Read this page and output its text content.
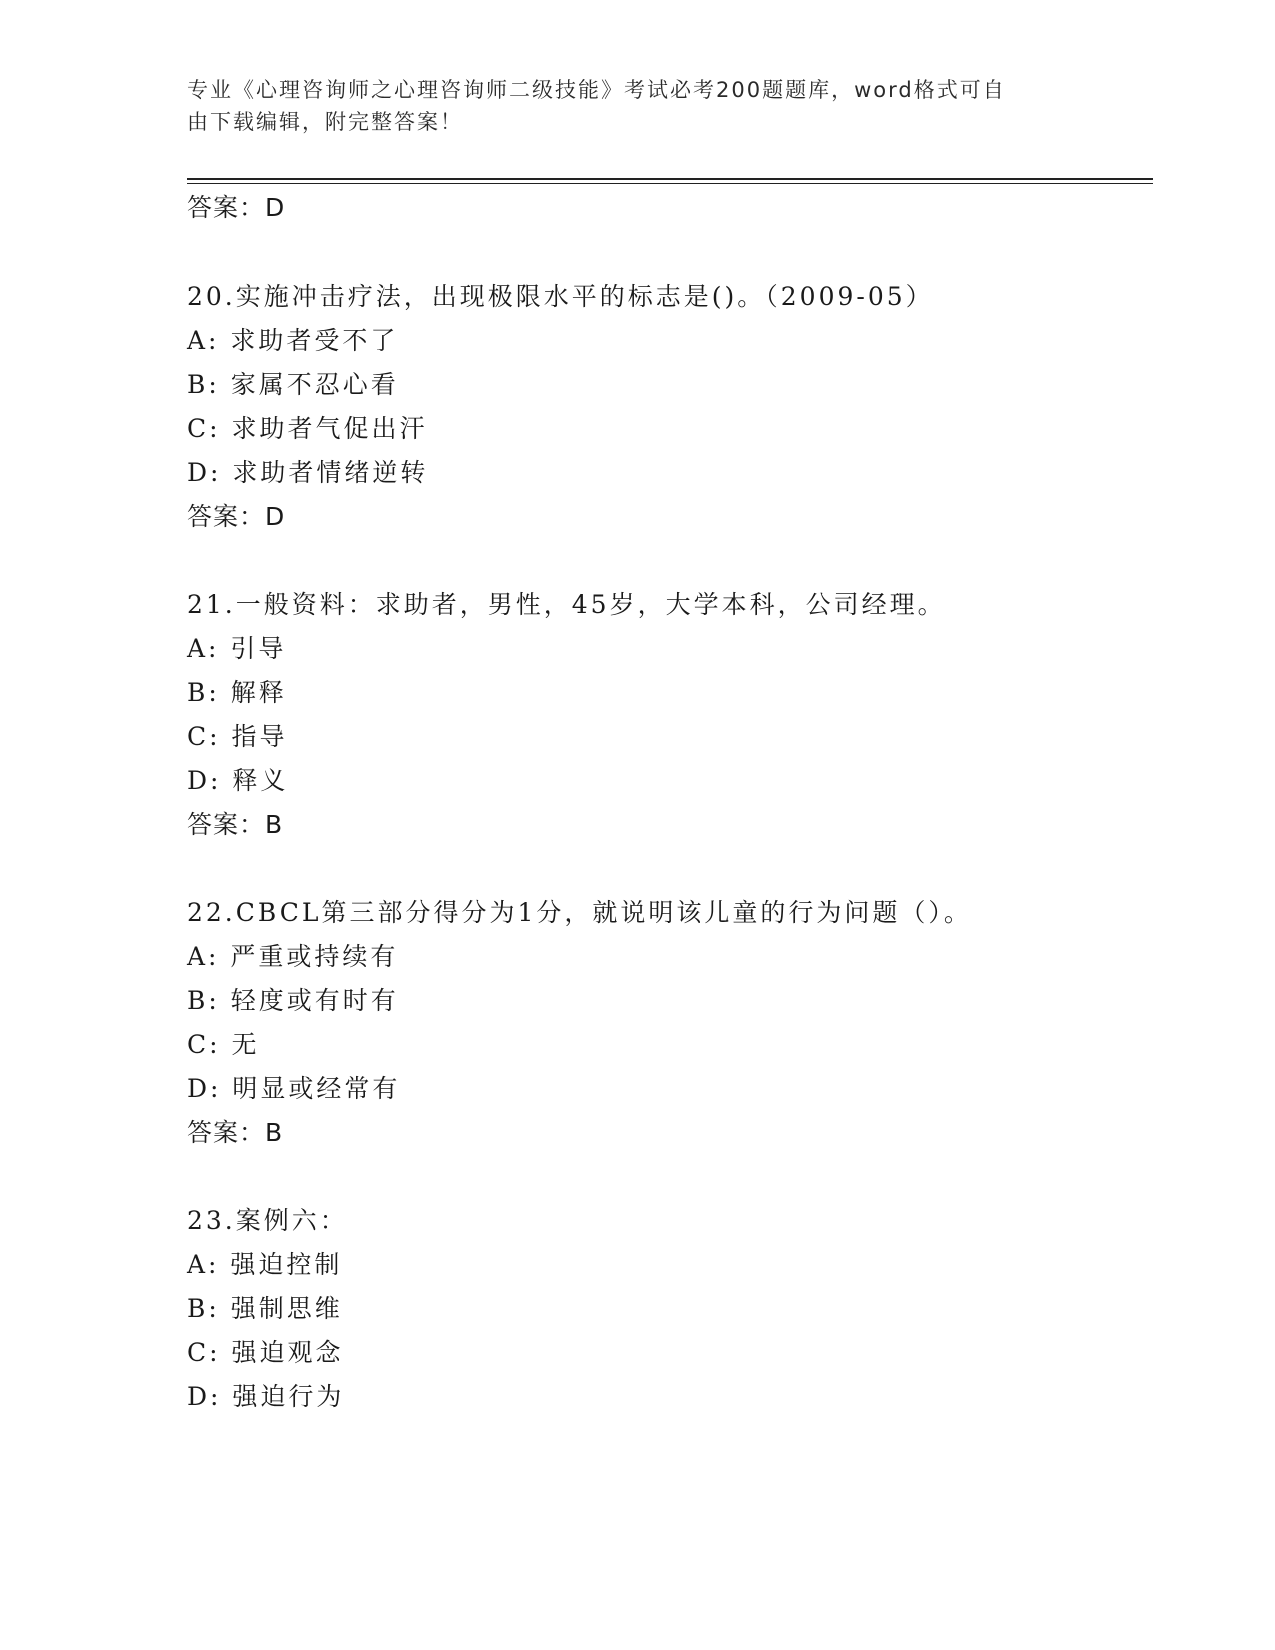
专业《心理咨询师之心理咨询师二级技能》考试必考200题题库，word格式可自
由下载编辑，附完整答案！
答案：D
20.实施冲击疗法，出现极限水平的标志是()。（2009-05）
A: 求助者受不了
B: 家属不忍心看
C: 求助者气促出汗
D: 求助者情绪逆转
答案：D
21.一般资料：求助者，男性，45岁，大学本科，公司经理。
A: 引导
B: 解释
C: 指导
D: 释义
答案：B
22.CBCL第三部分得分为1分，就说明该儿童的行为问题（）。
A: 严重或持续有
B: 轻度或有时有
C: 无
D: 明显或经常有
答案：B
23.案例六：
A: 强迫控制
B: 强制思维
C: 强迫观念
D: 强迫行为
